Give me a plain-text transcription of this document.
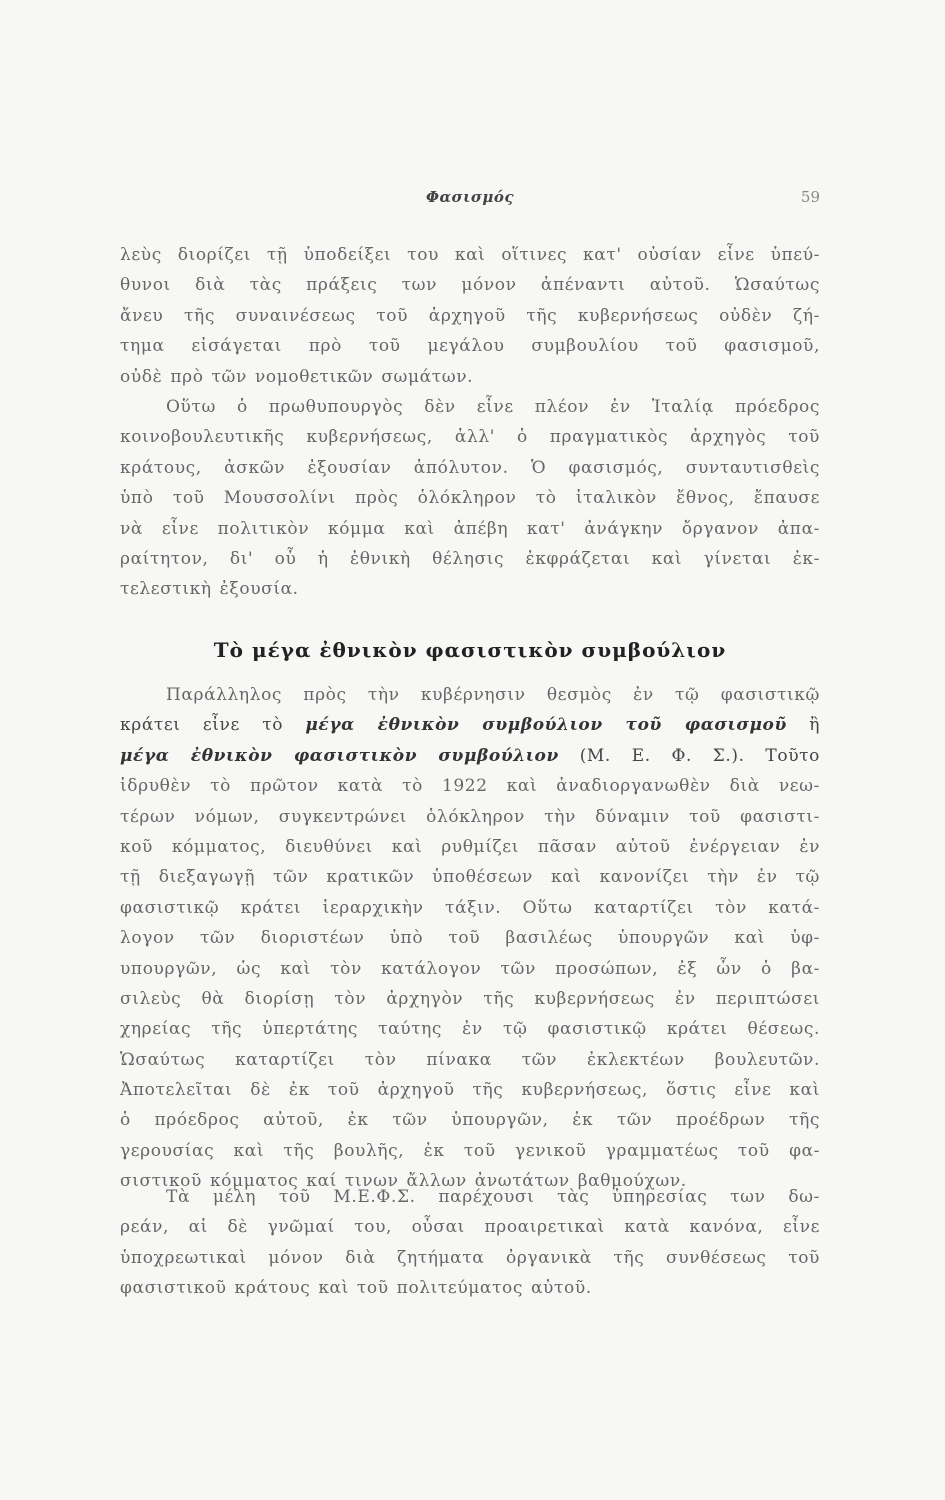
Φασισμός	59
λεὺς διορίζει τῇ ὑποδείξει του καὶ οἵτινες κατ' οὐσίαν εἶνε ὑπεύ-
θυνοι διὰ τὰς πράξεις των μόνον ἀπέναντι αὐτοῦ. Ὡσαύτως
ἄνευ τῆς συναινέσεως τοῦ ἀρχηγοῦ τῆς κυβερνήσεως οὐδὲν ζή-
τημα εἰσάγεται πρὸ τοῦ μεγάλου συμβουλίου τοῦ φασισμοῦ,
οὐδὲ πρὸ τῶν νομοθετικῶν σωμάτων.
Οὕτω ὁ πρωθυπουργὸς δὲν εἶνε πλέον ἐν Ἰταλίᾳ πρόεδρος
κοινοβουλευτικῆς κυβερνήσεως, ἀλλ' ὁ πραγματικὸς ἀρχηγὸς τοῦ
κράτους, ἀσκῶν ἐξουσίαν ἀπόλυτον. Ὁ φασισμός, συνταυτισθεὶς
ὑπὸ τοῦ Μουσσολίνι πρὸς ὁλόκληρον τὸ ἰταλικὸν ἔθνος, ἔπαυσε
νὰ εἶνε πολιτικὸν κόμμα καὶ ἀπέβη κατ' ἀνάγκην ὄργανον ἀπα-
ραίτητον, δι' οὗ ἡ ἐθνικὴ θέλησις ἐκφράζεται καὶ γίνεται ἐκ-
τελεστικὴ ἐξουσία.
Τὸ μέγα ἐθνικὸν φασιστικὸν συμβούλιον
Παράλληλος πρὸς τὴν κυβέρνησιν θεσμὸς ἐν τῷ φασιστικῷ
κράτει εἶνε τὸ μέγα ἐθνικὸν συμβούλιον τοῦ φασισμοῦ ἢ
μέγα ἐθνικὸν φασιστικὸν συμβούλιον (Μ. Ε. Φ. Σ.). Τοῦτο
ἱδρυθὲν τὸ πρῶτον κατὰ τὸ 1922 καὶ ἀναδιοργανωθὲν διὰ νεω-
τέρων νόμων, συγκεντρώνει ὁλόκληρον τὴν δύναμιν τοῦ φασιστι-
κοῦ κόμματος, διευθύνει καὶ ρυθμίζει πᾶσαν αὐτοῦ ἐνέργειαν ἐν
τῇ διεξαγωγῇ τῶν κρατικῶν ὑποθέσεων καὶ κανονίζει τὴν ἐν τῷ
φασιστικῷ κράτει ἱεραρχικὴν τάξιν. Οὕτω καταρτίζει τὸν κατά-
λογον τῶν διοριστέων ὑπὸ τοῦ βασιλέως ὑπουργῶν καὶ ὑφ-
υπουργῶν, ὡς καὶ τὸν κατάλογον τῶν προσώπων, ἐξ ὧν ὁ βα-
σιλεὺς θὰ διορίσῃ τὸν ἀρχηγὸν τῆς κυβερνήσεως ἐν περιπτώσει
χηρείας τῆς ὑπερτάτης ταύτης ἐν τῷ φασιστικῷ κράτει θέσεως.
Ὡσαύτως καταρτίζει τὸν πίνακα τῶν ἐκλεκτέων βουλευτῶν.
Ἀποτελεῖται δὲ ἐκ τοῦ ἀρχηγοῦ τῆς κυβερνήσεως, ὅστις εἶνε καὶ
ὁ πρόεδρος αὐτοῦ, ἐκ τῶν ὑπουργῶν, ἐκ τῶν προέδρων τῆς
γερουσίας καὶ τῆς βουλῆς, ἐκ τοῦ γενικοῦ γραμματέως τοῦ φα-
σιστικοῦ κόμματος καί τινων ἄλλων ἀνωτάτων βαθμούχων.
Τὰ μέλη τοῦ Μ.Ε.Φ.Σ. παρέχουσι τὰς ὑπηρεσίας των δω-
ρεάν, αἱ δὲ γνῶμαί του, οὖσαι προαιρετικαὶ κατὰ κανόνα, εἶνε
ὑποχρεωτικαὶ μόνον διὰ ζητήματα ὀργανικὰ τῆς συνθέσεως τοῦ
φασιστικοῦ κράτους καὶ τοῦ πολιτεύματος αὐτοῦ.
